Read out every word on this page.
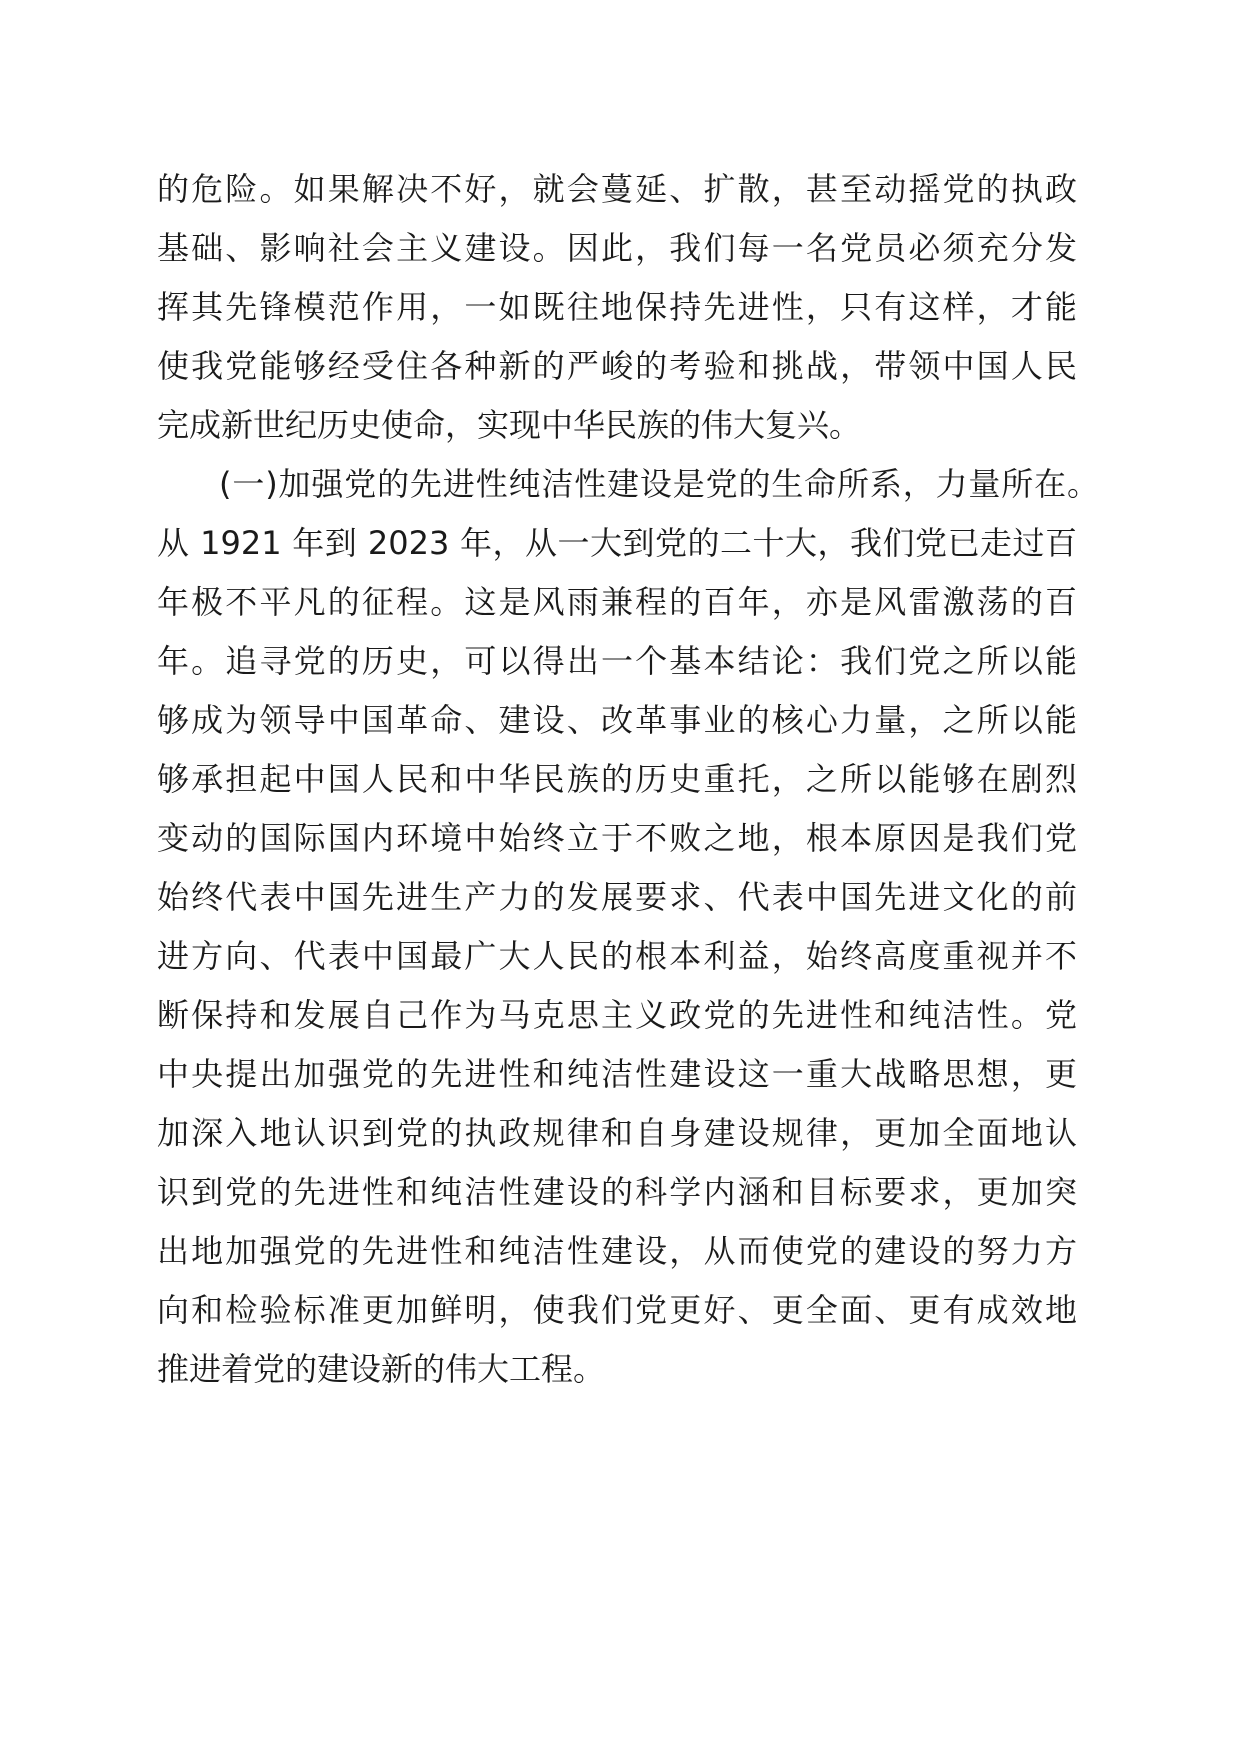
的危险。如果解决不好，就会蔓延、扩散，甚至动摇党的执政
基础、影响社会主义建设。因此，我们每一名党员必须充分发
挥其先锋模范作用，一如既往地保持先进性，只有这样，才能
使我党能够经受住各种新的严峻的考验和挑战，带领中国人民
完成新世纪历史使命，实现中华民族的伟大复兴。
(一)加强党的先进性纯洁性建设是党的生命所系，力量所在。
从 1921 年到 2023 年，从一大到党的二十大，我们党已走过百
年极不平凡的征程。这是风雨兼程的百年，亦是风雷激荡的百
年。追寻党的历史，可以得出一个基本结论：我们党之所以能
够成为领导中国革命、建设、改革事业的核心力量，之所以能
够承担起中国人民和中华民族的历史重托，之所以能够在剧烈
变动的国际国内环境中始终立于不败之地，根本原因是我们党
始终代表中国先进生产力的发展要求、代表中国先进文化的前
进方向、代表中国最广大人民的根本利益，始终高度重视并不
断保持和发展自己作为马克思主义政党的先进性和纯洁性。党
中央提出加强党的先进性和纯洁性建设这一重大战略思想，更
加深入地认识到党的执政规律和自身建设规律，更加全面地认
识到党的先进性和纯洁性建设的科学内涵和目标要求，更加突
出地加强党的先进性和纯洁性建设，从而使党的建设的努力方
向和检验标准更加鲜明，使我们党更好、更全面、更有成效地
推进着党的建设新的伟大工程。
